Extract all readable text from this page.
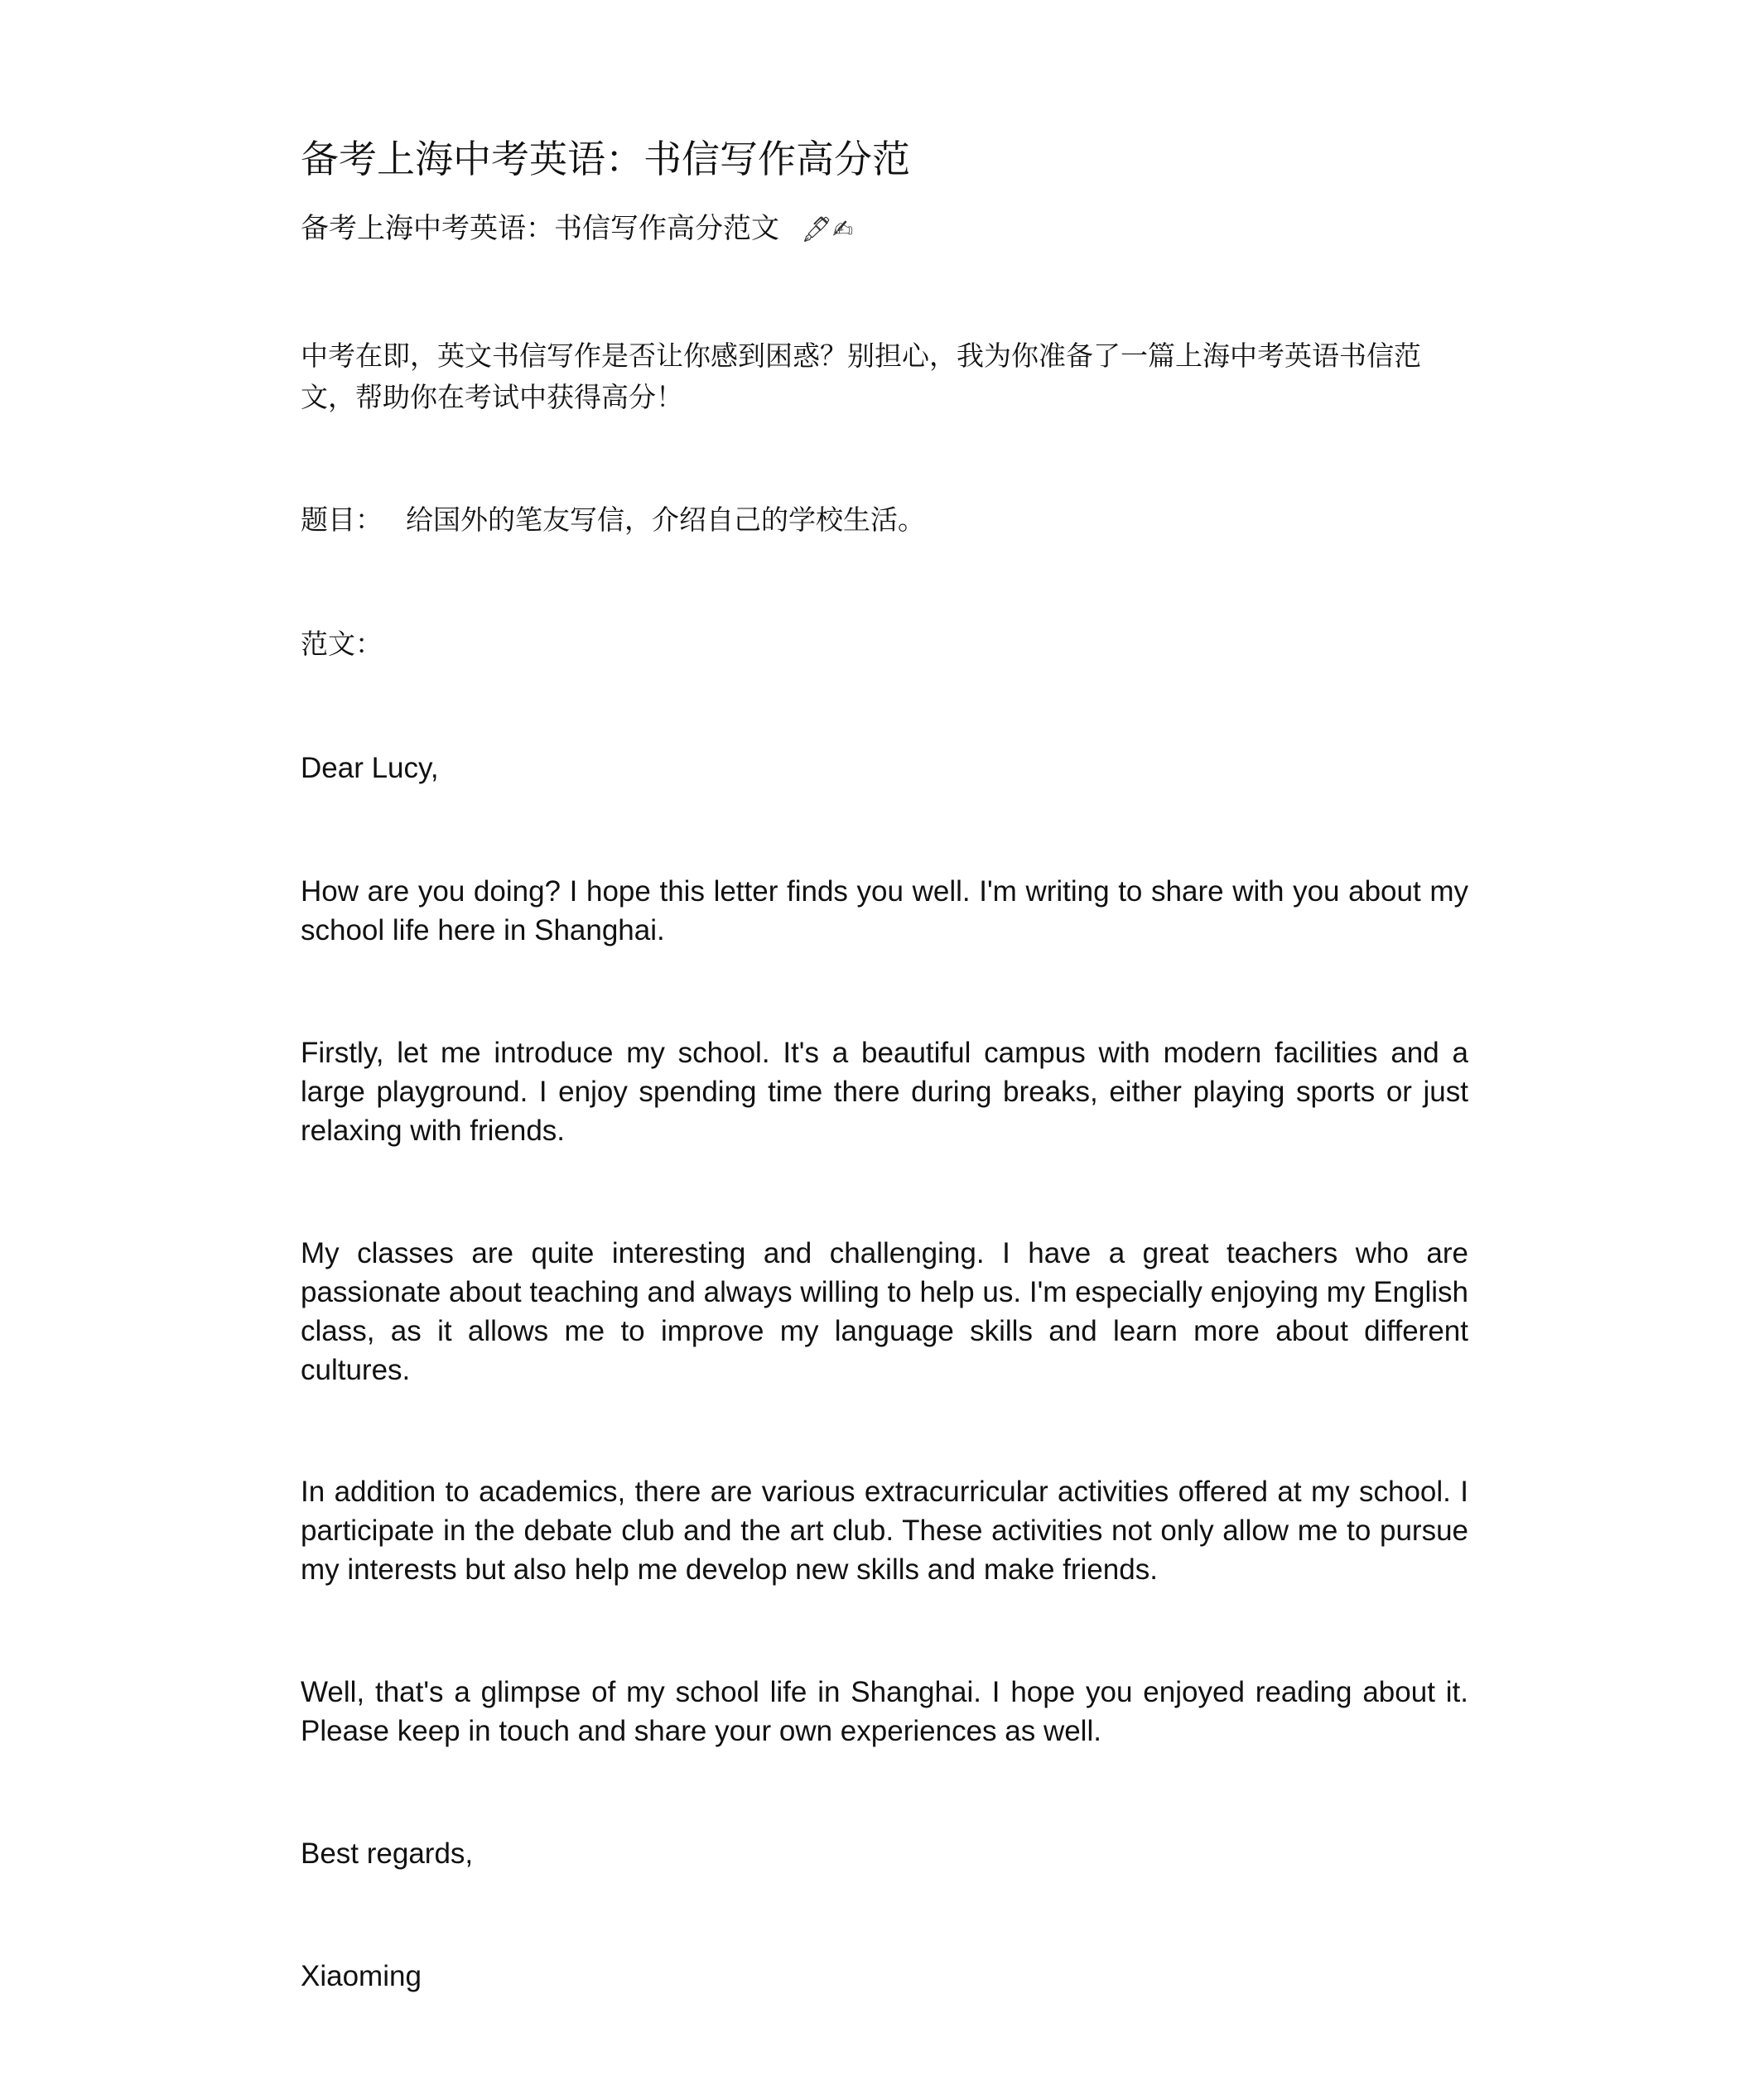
备考上海中考英语：书信写作高分范

备考上海中考英语：书信写作高分范文 🖋✍

中考在即，英文书信写作是否让你感到困惑？别担心，我为你准备了一篇上海中考英语书信范文，帮助你在考试中获得高分！

题目： 给国外的笔友写信，介绍自己的学校生活。

范文：

Dear Lucy,

How are you doing? I hope this letter finds you well. I'm writing to share with you about my school life here in Shanghai.

Firstly, let me introduce my school. It's a beautiful campus with modern facilities and a large playground. I enjoy spending time there during breaks, either playing sports or just relaxing with friends.

My classes are quite interesting and challenging. I have a great teachers who are passionate about teaching and always willing to help us. I'm especially enjoying my English class, as it allows me to improve my language skills and learn more about different cultures.

In addition to academics, there are various extracurricular activities offered at my school. I participate in the debate club and the art club. These activities not only allow me to pursue my interests but also help me develop new skills and make friends.

Well, that's a glimpse of my school life in Shanghai. I hope you enjoyed reading about it. Please keep in touch and share your own experiences as well.

Best regards,

Xiaoming
